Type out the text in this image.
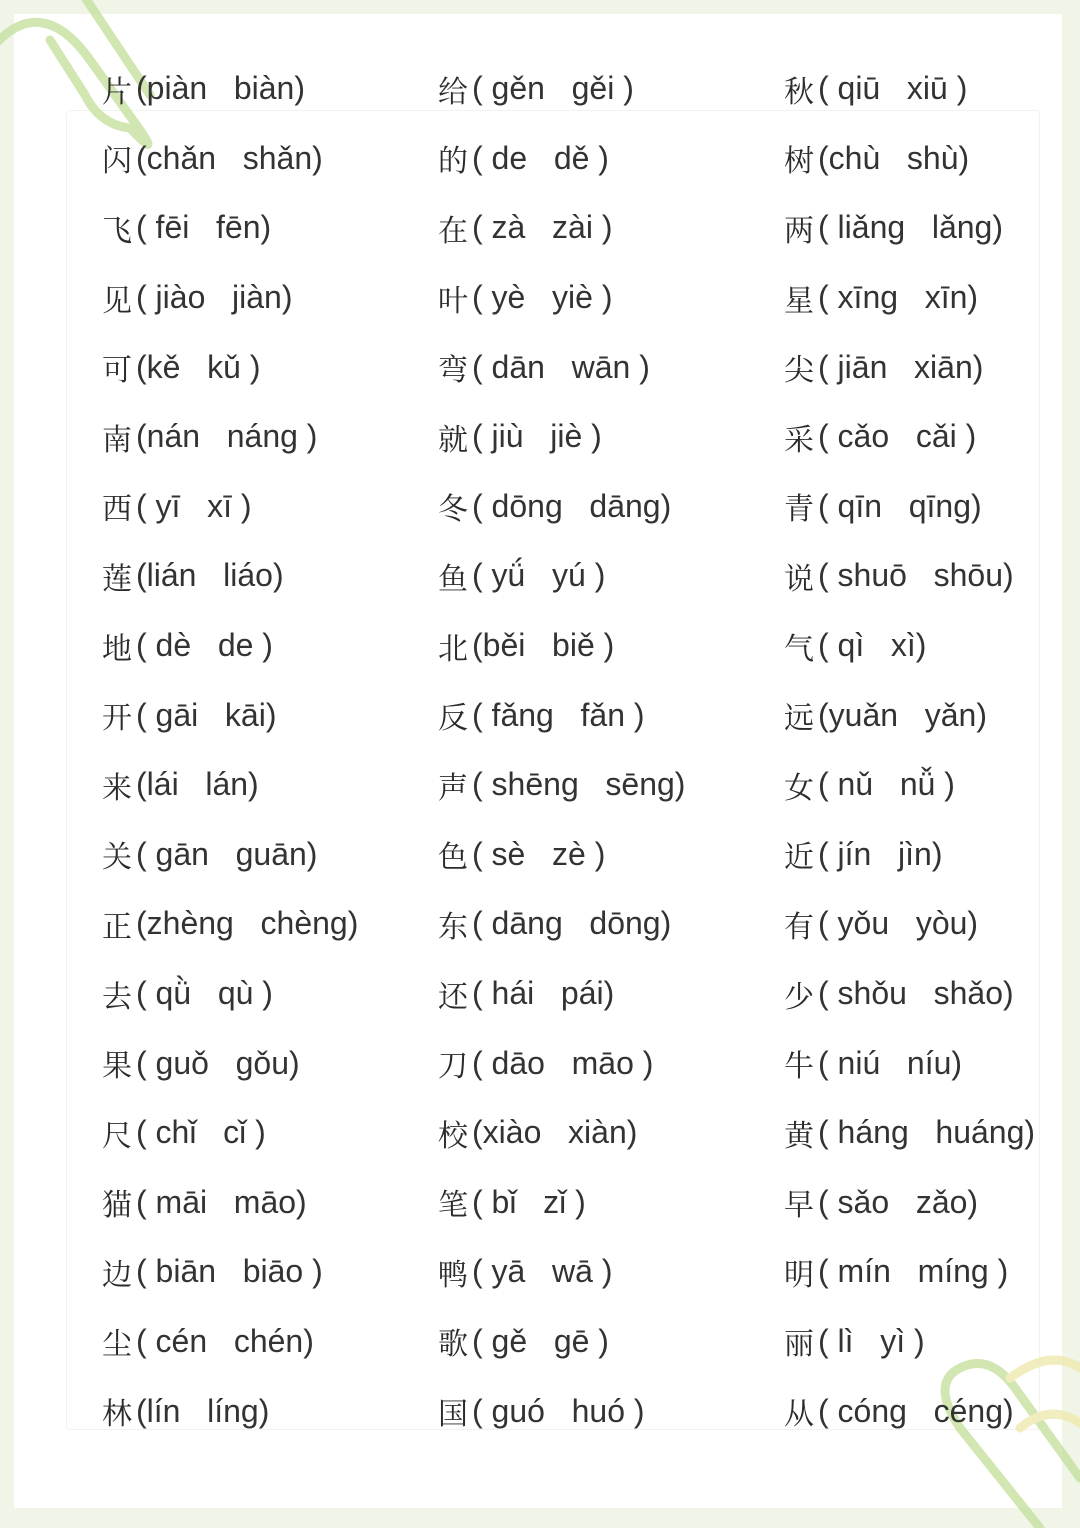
片 (piàn   biàn)
闪 (chǎn   shǎn)
飞 ( fēi   fēn)
见 ( jiào   jiàn)
可 (kě   kǔ )
南 (nán   náng )
西 ( yī   xī )
莲 (lián   liáo)
地 ( dè   de )
开 ( gāi   kāi)
来 (lái   lán)
关 ( gān   guān)
正 (zhèng   chèng)
去 ( qǜ   qù )
果 ( guǒ   gǒu)
尺 ( chǐ   cǐ )
猫 ( māi   māo)
边 ( biān   biāo )
尘 ( cén   chén)
林 (lín   líng)
给 ( gěn   gěi )
的 ( de   dě )
在 ( zà   zài )
叶 ( yè   yiè )
弯 ( dān   wān )
就 ( jiù   jiè )
冬 ( dōng   dāng)
鱼 ( yǘ   yú )
北 (běi   biě )
反 ( fǎng   fǎn )
声 ( shēng   sēng)
色 ( sè   zè )
东 ( dāng   dōng)
还 ( hái   pái)
刀 ( dāo   māo )
校 (xiào   xiàn)
笔 ( bǐ   zǐ )
鸭 ( yā   wā )
歌 ( gě   gē )
国 ( guó   huó )
秋 ( qiū   xiū )
树 (chù   shù)
两 ( liǎng   lǎng)
星 ( xīng   xīn)
尖 ( jiān   xiān)
采 ( cǎo   cǎi )
青 ( qīn   qīng)
说 ( shuō   shōu)
气 ( qì   xì)
远 (yuǎn   yǎn)
女 ( nǔ   nǚ )
近 ( jín   jìn)
有 ( yǒu   yòu)
少 ( shǒu   shǎo)
牛 ( niú   níu)
黄 ( háng   huáng)
早 ( sǎo   zǎo)
明 ( mín   míng )
丽 ( lì   yì )
从 ( cóng   céng)
